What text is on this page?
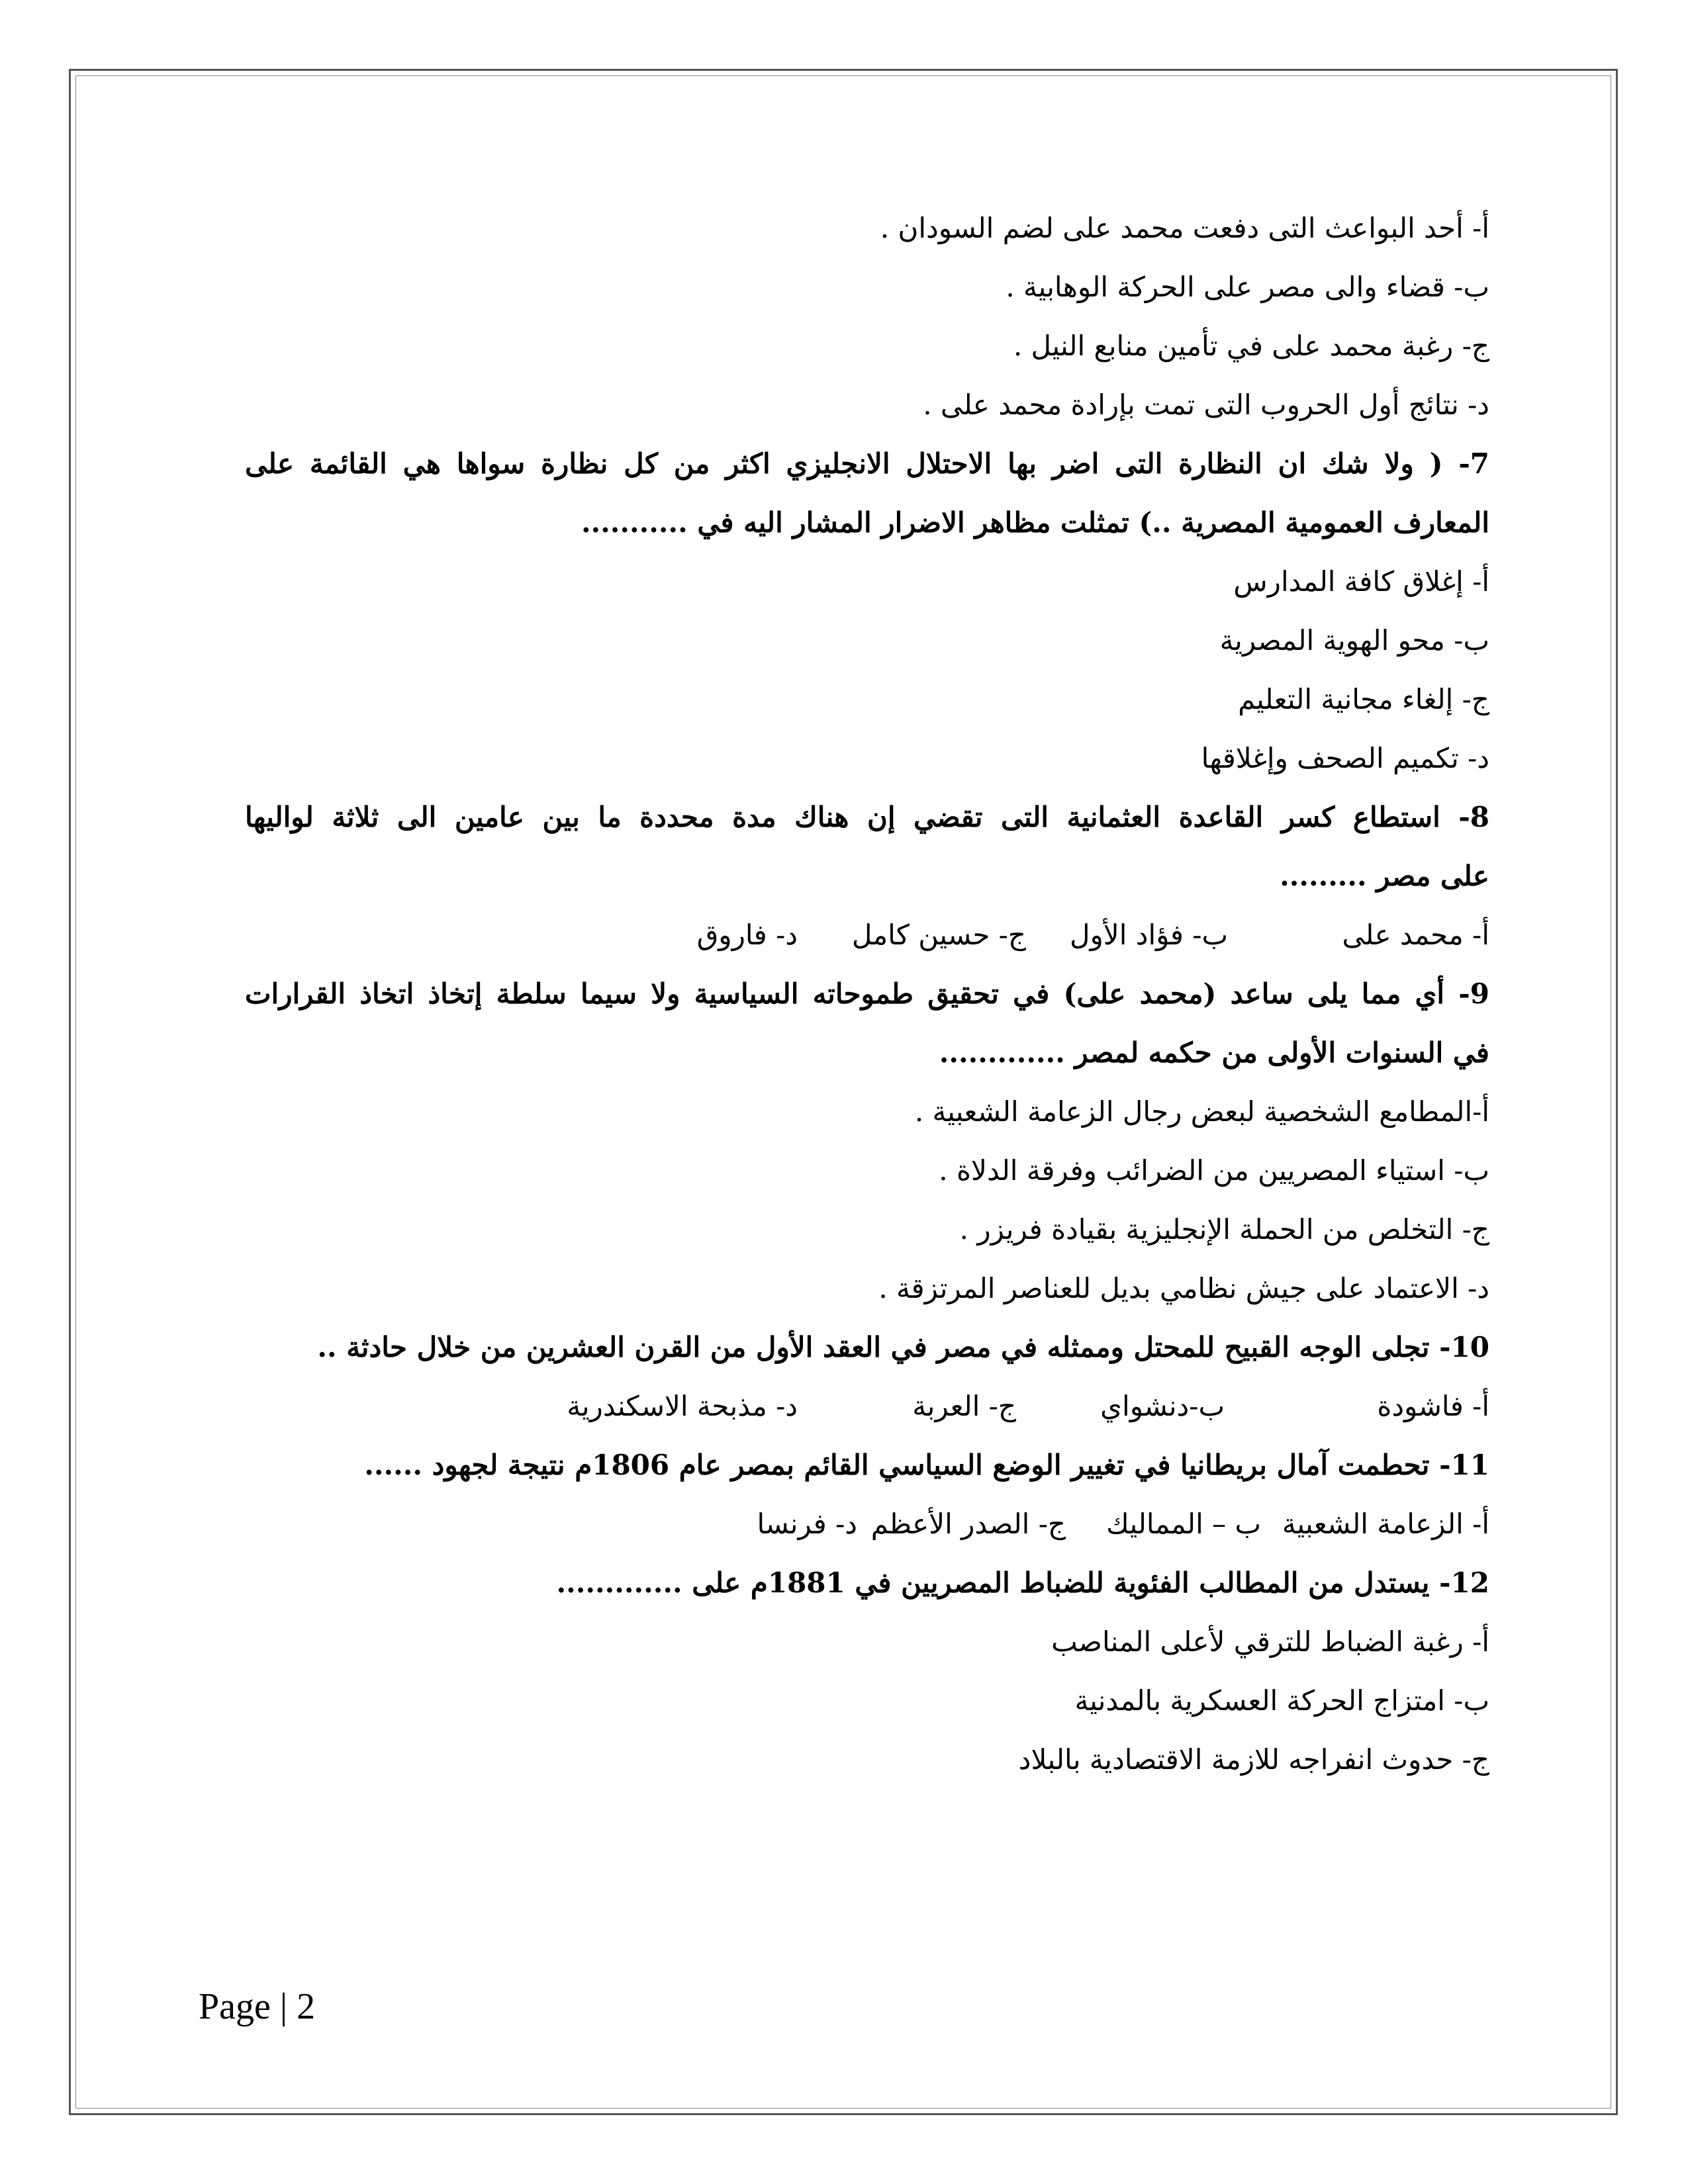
أ- أحد البواعث التى دفعت محمد على لضم السودان .
ب- قضاء والى مصر على الحركة الوهابية .
ج- رغبة محمد على في تأمين منابع النيل .
د- نتائج أول الحروب التى تمت بإرادة محمد على .
7- ( ولا شك ان النظارة التى اضر بها الاحتلال الانجليزي اكثر من كل نظارة سواها هي القائمة على
المعارف العمومية المصرية ..) تمثلت مظاهر الاضرار المشار اليه في ...........
أ- إغلاق كافة المدارس
ب- محو الهوية المصرية
ج- إلغاء مجانية التعليم
د- تكميم الصحف وإغلاقها
8- استطاع كسر القاعدة العثمانية التى تقضي إن هناك مدة محددة ما بين عامين الى ثلاثة لواليها
على مصر .........
أ- محمد على
ب- فؤاد الأول
ج- حسين كامل
د- فاروق
9- أي مما يلى ساعد (محمد على) في تحقيق طموحاته السياسية ولا سيما سلطة إتخاذ اتخاذ القرارات
في السنوات الأولى من حكمه لمصر .............
أ-المطامع الشخصية لبعض رجال الزعامة الشعبية .
ب- استياء المصريين من الضرائب وفرقة الدلاة .
ج- التخلص من الحملة الإنجليزية بقيادة فريزر .
د- الاعتماد على جيش نظامي بديل للعناصر المرتزقة .
10- تجلى الوجه القبيح للمحتل وممثله في مصر في العقد الأول من القرن العشرين من خلال حادثة ..
أ- فاشودة
ب-دنشواي
ج- العربة
د- مذبحة الاسكندرية
11- تحطمت آمال بريطانيا في تغيير الوضع السياسي القائم بمصر عام 1806م نتيجة لجهود ......
أ- الزعامة الشعبية
ب – المماليك
ج- الصدر الأعظم
د- فرنسا
12- يستدل من المطالب الفئوية للضباط المصريين في 1881م على .............
أ- رغبة الضباط للترقي لأعلى المناصب
ب- امتزاج الحركة العسكرية بالمدنية
ج- حدوث انفراجه للازمة الاقتصادية بالبلاد
Page | 2
